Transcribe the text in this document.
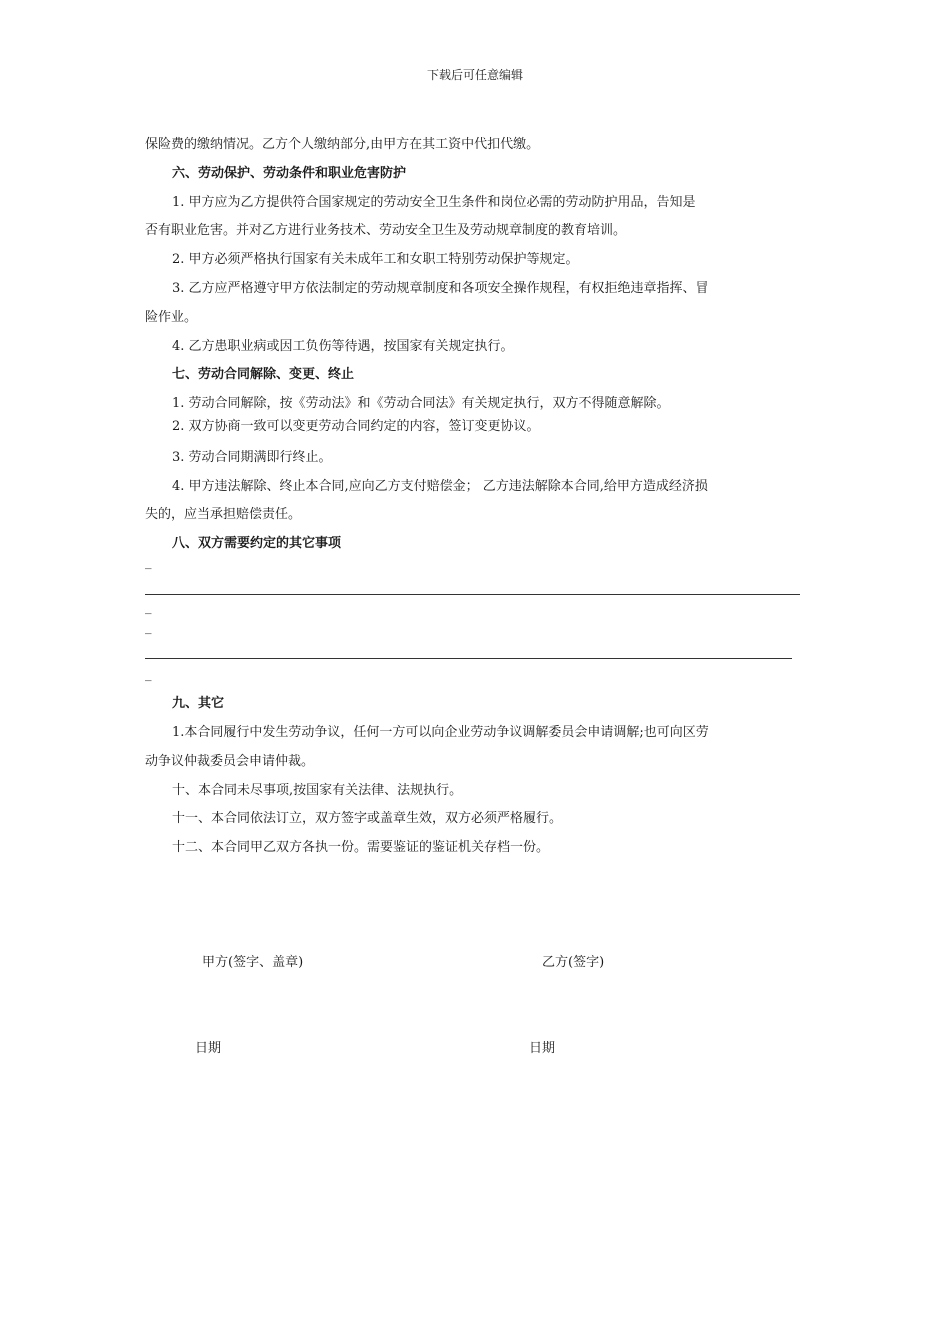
下载后可任意编辑
保险费的缴纳情况。乙方个人缴纳部分,由甲方在其工资中代扣代缴。
六、劳动保护、劳动条件和职业危害防护
1. 甲方应为乙方提供符合国家规定的劳动安全卫生条件和岗位必需的劳动防护用品，告知是
否有职业危害。并对乙方进行业务技术、劳动安全卫生及劳动规章制度的教育培训。
2. 甲方必须严格执行国家有关未成年工和女职工特别劳动保护等规定。
3. 乙方应严格遵守甲方依法制定的劳动规章制度和各项安全操作规程，有权拒绝违章指挥、冒
险作业。
4. 乙方患职业病或因工负伤等待遇，按国家有关规定执行。
七、劳动合同解除、变更、终止
1. 劳动合同解除，按《劳动法》和《劳动合同法》有关规定执行，双方不得随意解除。
2. 双方协商一致可以变更劳动合同约定的内容，签订变更协议。
3. 劳动合同期满即行终止。
4. 甲方违法解除、终止本合同,应向乙方支付赔偿金； 乙方违法解除本合同,给甲方造成经济损
失的，应当承担赔偿责任。
八、双方需要约定的其它事项
_
_
_
_
九、其它
1.本合同履行中发生劳动争议，任何一方可以向企业劳动争议调解委员会申请调解;也可向区劳
动争议仲裁委员会申请仲裁。
十、本合同未尽事项,按国家有关法律、法规执行。
十一、本合同依法订立，双方签字或盖章生效，双方必须严格履行。
十二、本合同甲乙双方各执一份。需要鉴证的鉴证机关存档一份。
甲方(签字、盖章)	乙方(签字)
日期	日期
